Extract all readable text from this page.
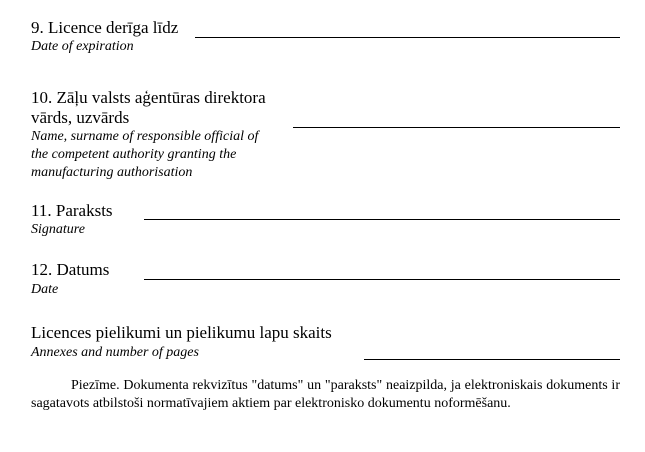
9. Licence derīga līdz
Date of expiration
10. Zāļu valsts aģentūras direktora
vārds, uzvārds
Name, surname of responsible official of
the competent authority granting the
manufacturing authorisation
11. Paraksts
Signature
12. Datums
Date
Licences pielikumi un pielikumu lapu skaits
Annexes and number of pages
Piezīme. Dokumenta rekvizītus "datums" un "paraksts" neaizpilda, ja elektroniskais dokuments ir sagatavots atbilstoši normatīvajiem aktiem par elektronisko dokumentu noformēšanu.
